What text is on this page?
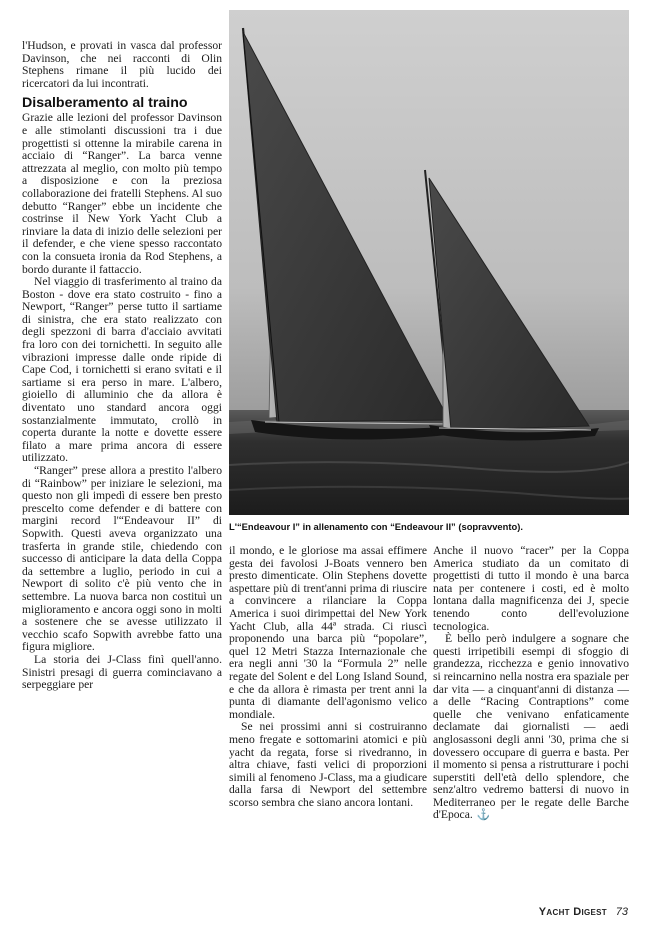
l'Hudson, e provati in vasca dal professor Davinson, che nei racconti di Olin Stephens rimane il più lucido dei ricercatori da lui incontrati.

Disalberamento al traino

Grazie alle lezioni del professor Davinson e alle stimolanti discussioni tra i due progettisti si ottenne la mirabile carena in acciaio di “Ranger”. La barca venne attrezzata al meglio, con molto più tempo a disposizione e con la preziosa collaborazione dei fratelli Stephens. Al suo debutto “Ranger” ebbe un incidente che costrinse il New York Yacht Club a rinviare la data di inizio delle selezioni per il defender, e che viene spesso raccontato con la consueta ironia da Rod Stephens, a bordo durante il fattaccio.

Nel viaggio di trasferimento al traino da Boston - dove era stato costruito - fino a Newport, “Ranger” perse tutto il sartiame di sinistra, che era stato realizzato con degli spezzoni di barra d'acciaio avvitati fra loro con dei tornichetti. In seguito alle vibrazioni impresse dalle onde ripide di Cape Cod, i tornichetti si erano svitati e il sartiame si era perso in mare. L'albero, gioiello di alluminio che da allora è diventato uno standard ancora oggi sostanzialmente immutato, crollò in coperta durante la notte e dovette essere filato a mare prima ancora di essere utilizzato.

“Ranger” prese allora a prestito l'albero di “Rainbow” per iniziare le selezioni, ma questo non gli impedì di essere ben presto prescelto come defender e di battere con margini record l'“Endeavour II” di Sopwith. Questi aveva organizzato una trasferta in grande stile, chiedendo con successo di anticipare la data della Coppa da settembre a luglio, periodo in cui a Newport di solito c'è più vento che in settembre. La nuova barca non costituì un miglioramento e ancora oggi sono in molti a sostenere che se avesse utilizzato il vecchio scafo Sopwith avrebbe fatto una figura migliore.

La storia dei J-Class finì quell'anno. Sinistri presagi di guerra cominciavano a serpeggiare per

L'“Endeavour I” in allenamento con “Endeavour II” (sopravvento).

il mondo, e le gloriose ma assai effimere gesta dei favolosi J-Boats vennero ben presto dimenticate. Olin Stephens dovette aspettare più di trent'anni prima di riuscire a convincere a rilanciare la Coppa America i suoi dirimpettai del New York Yacht Club, alla 44ª strada. Ci riuscì proponendo una barca più “popolare”, quel 12 Metri Stazza Internazionale che era negli anni '30 la “Formula 2” nelle regate del Solent e del Long Island Sound, e che da allora è rimasta per trent anni la punta di diamante dell'agonismo velico mondiale.

Se nei prossimi anni si costruiranno meno fregate e sottomarini atomici e più yacht da regata, forse si rivedranno, in altra chiave, fasti velici di proporzioni simili al fenomeno J-Class, ma a giudicare dalla farsa di Newport del settembre scorso sembra che siano ancora lontani.

Anche il nuovo “racer” per la Coppa America studiato da un comitato di progettisti di tutto il mondo è una barca nata per contenere i costi, ed è molto lontana dalla magnificenza dei J, specie tenendo conto dell'evoluzione tecnologica.

È bello però indulgere a sognare che questi irripetibili esempi di sfoggio di grandezza, ricchezza e genio innovativo si reincarnino nella nostra era spaziale per dar vita — a cinquant'anni di distanza — a delle “Racing Contraptions” come quelle che venivano enfaticamente declamate dai giornalisti — aedi anglosassoni degli anni '30, prima che si dovessero occupare di guerra e basta. Per il momento si pensa a ristrutturare i pochi superstiti dell'età dello splendore, che senz'altro vedremo battersi di nuovo in Mediterraneo per le regate delle Barche d'Epoca. ⚓

Yacht Digest 73
